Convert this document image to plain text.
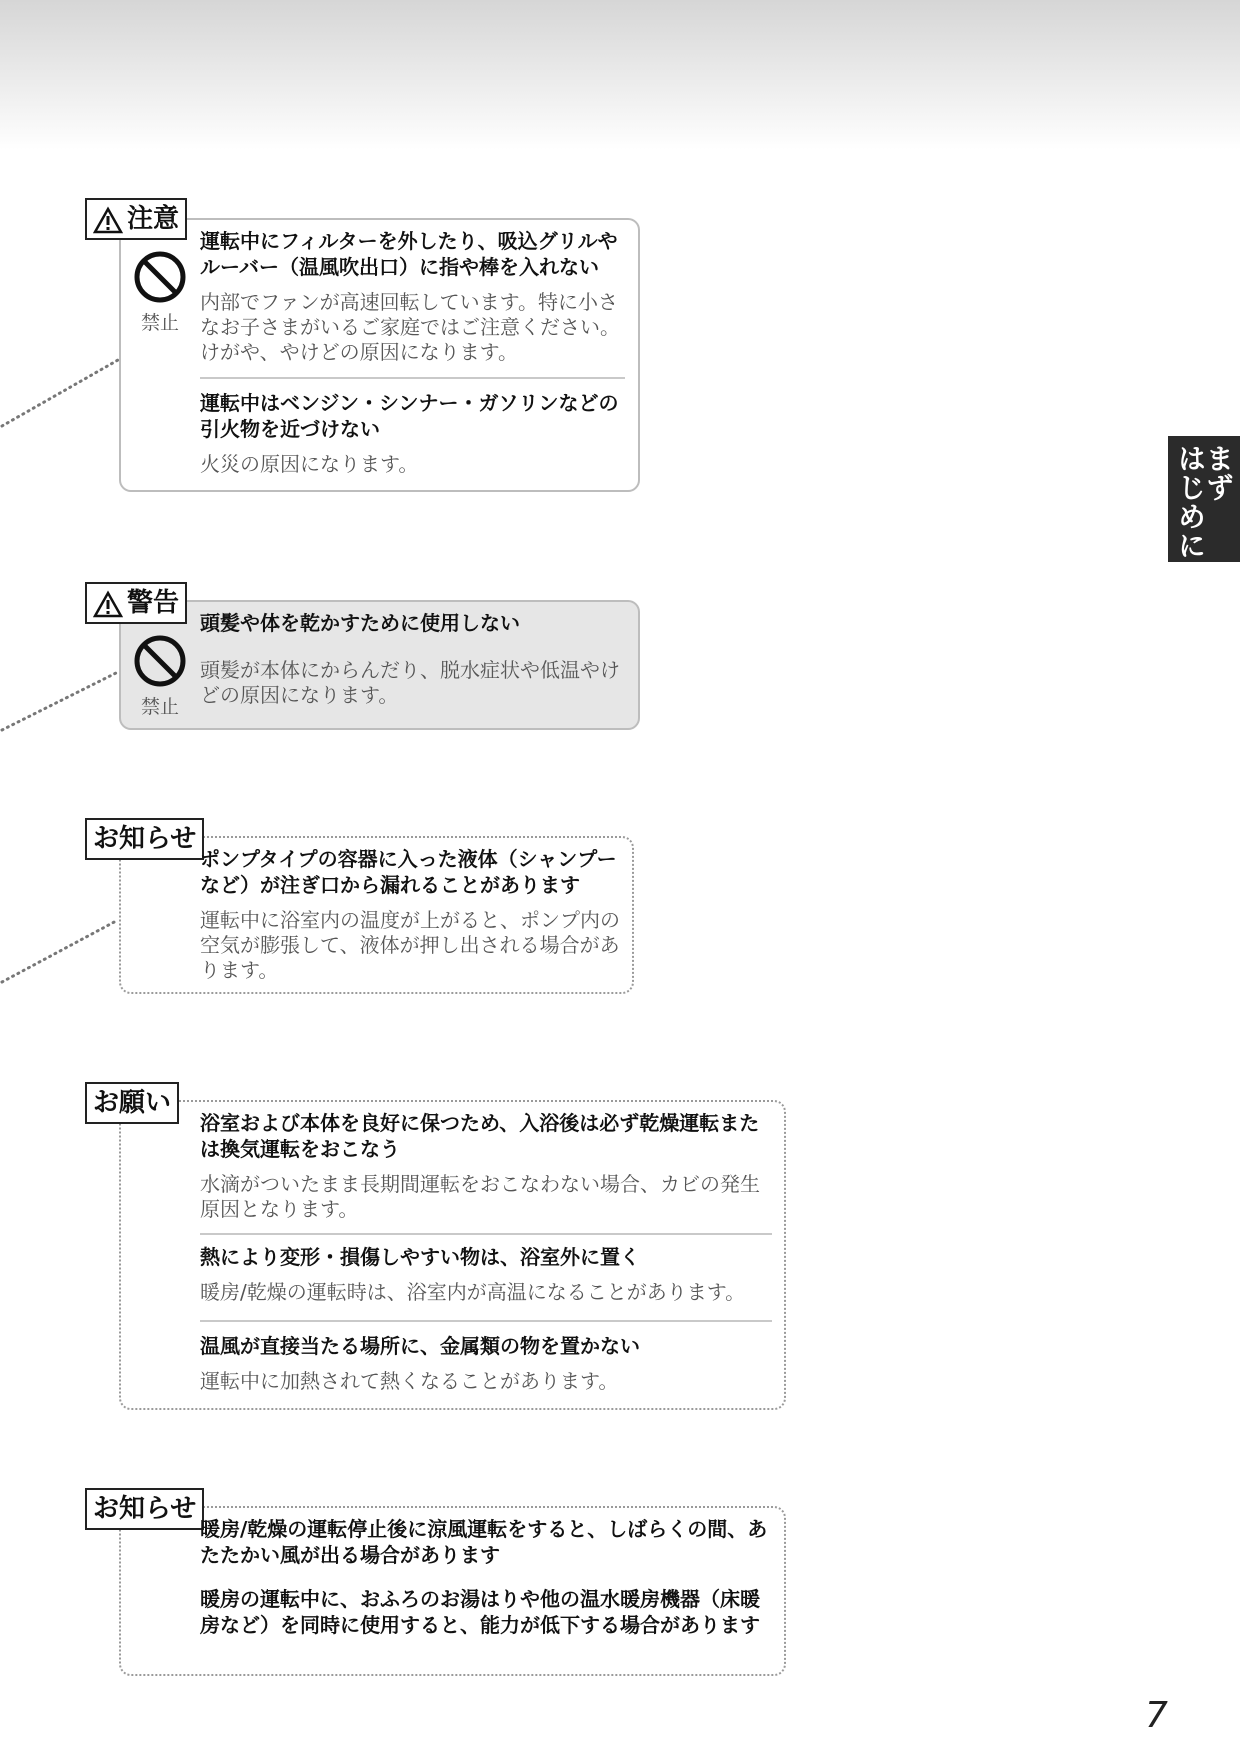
まず
はじめに
注意
禁止
運転中にフィルターを外したり、吸込グリルやルーバー（温風吹出口）に指や棒を入れない
内部でファンが高速回転しています。特に小さなお子さまがいるご家庭ではご注意ください。けがや、やけどの原因になります。
運転中はベンジン・シンナー・ガソリンなどの引火物を近づけない
火災の原因になります。
警告
禁止
頭髪や体を乾かすために使用しない
頭髪が本体にからんだり、脱水症状や低温やけどの原因になります。
お知らせ
ポンプタイプの容器に入った液体（シャンプーなど）が注ぎ口から漏れることがあります
運転中に浴室内の温度が上がると、ポンプ内の空気が膨張して、液体が押し出される場合があります。
お願い
浴室および本体を良好に保つため、入浴後は必ず乾燥運転または換気運転をおこなう
水滴がついたまま長期間運転をおこなわない場合、カビの発生原因となります。
熱により変形・損傷しやすい物は、浴室外に置く
暖房/乾燥の運転時は、浴室内が高温になることがあります。
温風が直接当たる場所に、金属類の物を置かない
運転中に加熱されて熱くなることがあります。
お知らせ
暖房/乾燥の運転停止後に涼風運転をすると、しばらくの間、あたたかい風が出る場合があります
暖房の運転中に、おふろのお湯はりや他の温水暖房機器（床暖房など）を同時に使用すると、能力が低下する場合があります
7
